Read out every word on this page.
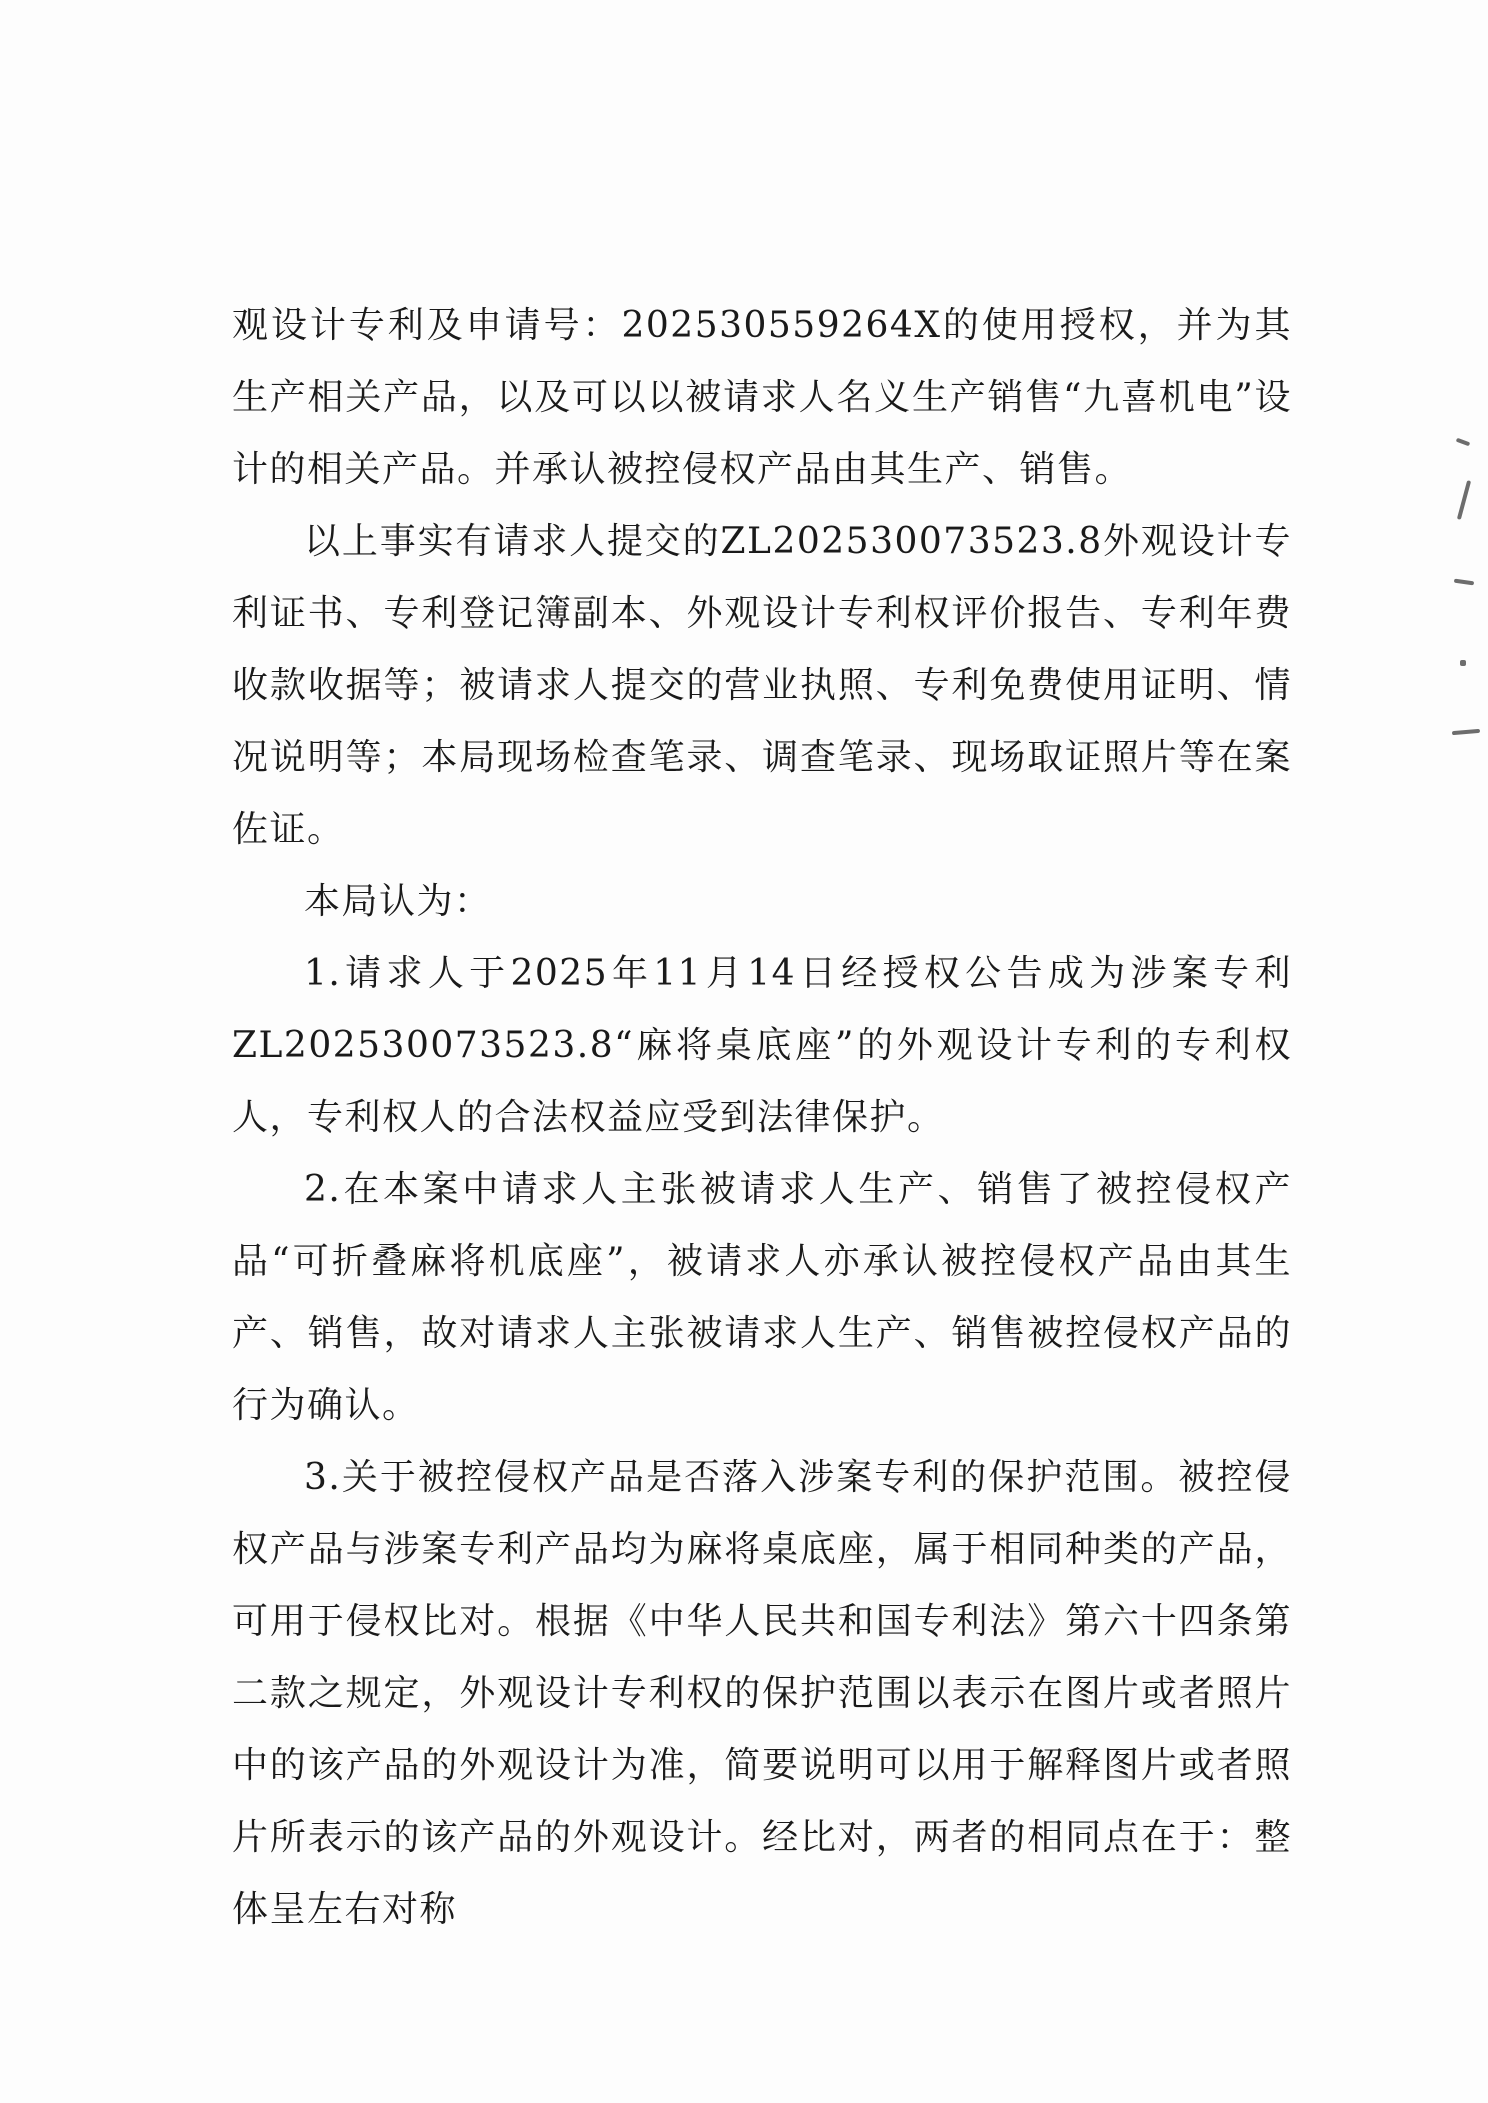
观设计专利及申请号：202530559264X的使用授权，并为其生产相关产品，以及可以以被请求人名义生产销售“九喜机电”设计的相关产品。并承认被控侵权产品由其生产、销售。

以上事实有请求人提交的ZL202530073523.8外观设计专利证书、专利登记簿副本、外观设计专利权评价报告、专利年费收款收据等；被请求人提交的营业执照、专利免费使用证明、情况说明等；本局现场检查笔录、调查笔录、现场取证照片等在案佐证。

本局认为：

1.请求人于2025年11月14日经授权公告成为涉案专利ZL202530073523.8“麻将桌底座”的外观设计专利的专利权人，专利权人的合法权益应受到法律保护。

2.在本案中请求人主张被请求人生产、销售了被控侵权产品“可折叠麻将机底座”，被请求人亦承认被控侵权产品由其生产、销售，故对请求人主张被请求人生产、销售被控侵权产品的行为确认。

3.关于被控侵权产品是否落入涉案专利的保护范围。被控侵权产品与涉案专利产品均为麻将桌底座，属于相同种类的产品，可用于侵权比对。根据《中华人民共和国专利法》第六十四条第二款之规定，外观设计专利权的保护范围以表示在图片或者照片中的该产品的外观设计为准，简要说明可以用于解释图片或者照片所表示的该产品的外观设计。经比对，两者的相同点在于：整体呈左右对称
